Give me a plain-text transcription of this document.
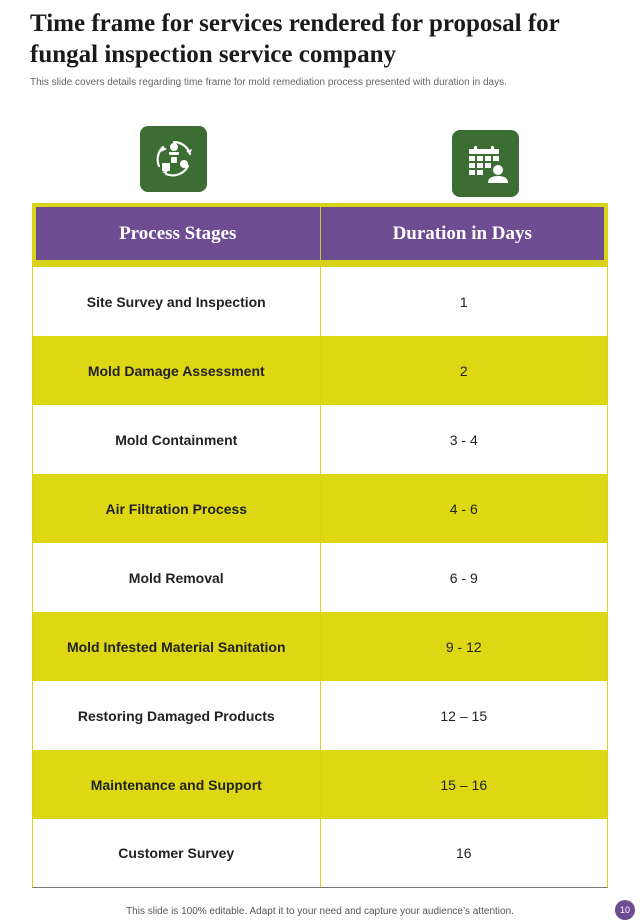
Time frame for services rendered for proposal for fungal inspection service company

This slide covers details regarding time frame for mold remediation process presented with duration in days.

Process Stages	Duration in Days
Site Survey and Inspection	1
Mold Damage Assessment	2
Mold Containment	3 - 4
Air Filtration Process	4 - 6
Mold Removal	6 - 9
Mold Infested Material Sanitation	9 - 12
Restoring Damaged Products	12 – 15
Maintenance and Support	15 – 16
Customer Survey	16
This slide is 100% editable. Adapt it to your need and capture your audience’s attention.	10
